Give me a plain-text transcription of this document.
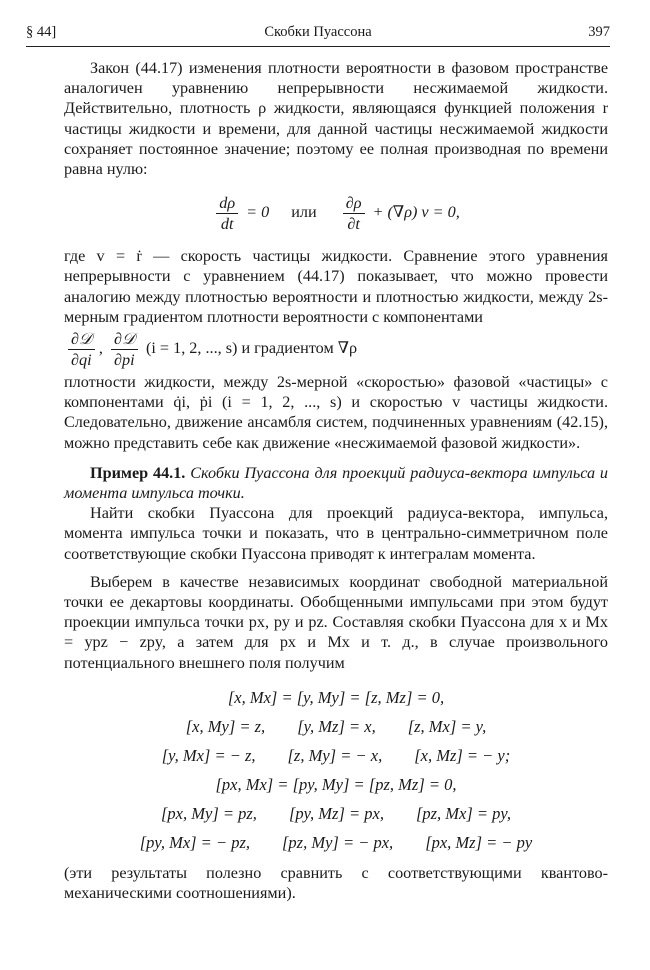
§ 44]	Скобки Пуассона	397

Закон (44.17) изменения плотности вероятности в фазовом пространстве аналогичен уравнению непрерывности несжимаемой жидкости. Действительно, плотность ρ жидкости, являющаяся функцией положения r частицы жидкости и времени, для данной частицы несжимаемой жидкости сохраняет постоянное значение; поэтому ее полная производная по времени равна нулю:

$\frac{d\rho}{dt} = 0$ или $\frac{\partial\rho}{\partial t} + (\nabla\rho) v = 0$,

где v = ṙ — скорость частицы жидкости. Сравнение этого уравнения непрерывности с уравнением (44.17) показывает, что можно провести аналогию между плотностью вероятности и плотностью жидкости, между 2s-мерным градиентом плотности вероятности с компонентами

$\frac{\text{∂𝒟}}{\partial qi}$ , $\frac{\text{∂𝒟}}{\partial pi} (i = 1$, 2, ..., s) и градиентом ∇ρ

плотности жидкости, между 2s-мерной «скоростью» фазовой «частицы» с компонентами q̇i, ṗi (i = 1, 2, ..., s) и скоростью v частицы жидкости. Следовательно, движение ансамбля систем, подчиненных уравнениям (42.15), можно представить себе как движение «несжимаемой фазовой жидкости».

Пример 44.1. Скобки Пуассона для проекций радиуса-вектора импульса и момента импульса точки.

Найти скобки Пуассона для проекций радиуса-вектора, импульса, момента импульса точки и показать, что в центрально-симметричном поле соответствующие скобки Пуассона приводят к интегралам момента.

Выберем в качестве независимых координат свободной материальной точки ее декартовы координаты. Обобщенными импульсами при этом будут проекции импульса точки px, py и pz. Составляя скобки Пуассона для x и Mx = ypz − zpy, а затем для px и Mx и т. д., в случае произвольного потенциального внешнего поля получим

[x, Mx] = [y, My] = [z, Mz] = 0,
[x, My] = z, [y, Mz] = x, [z, Mx] = y,
[y, Mx] = − z, [z, My] = − x, [x, Mz] = − y;
[px, Mx] = [py, My] = [pz, Mz] = 0,
[px, My] = pz, [py, Mz] = px, [pz, Mx] = py,
[py, Mx] = − pz, [pz, My] = − px, [px, Mz] = − py

(эти результаты полезно сравнить с соответствующими квантово-механическими соотношениями).
